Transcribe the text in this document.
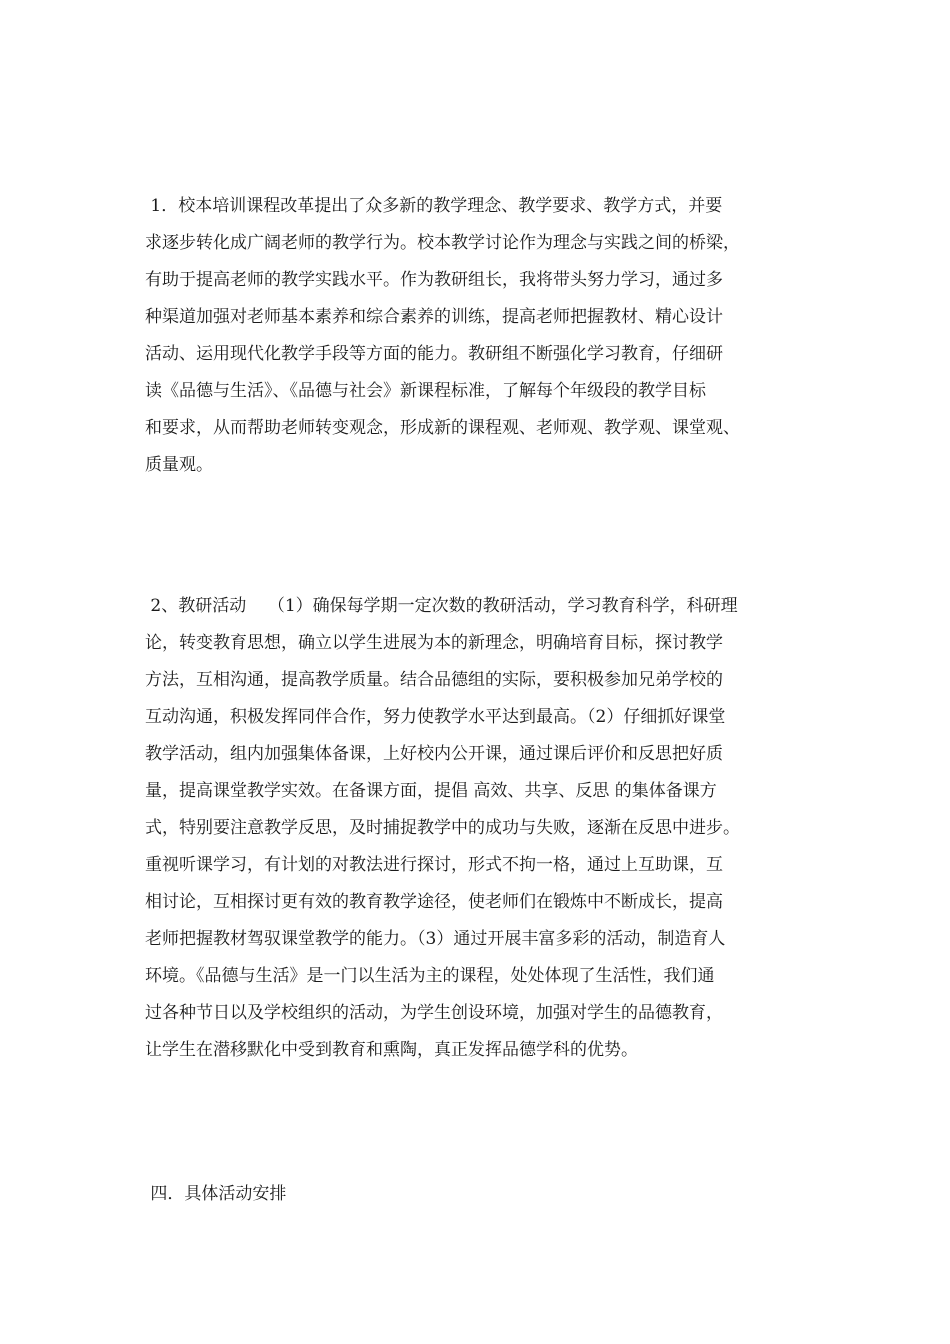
1．校本培训课程改革提出了众多新的教学理念、教学要求、教学方式，并要
求逐步转化成广阔老师的教学行为。校本教学讨论作为理念与实践之间的桥梁，
有助于提高老师的教学实践水平。作为教研组长，我将带头努力学习，通过多
种渠道加强对老师基本素养和综合素养的训练，提高老师把握教材、精心设计
活动、运用现代化教学手段等方面的能力。教研组不断强化学习教育，仔细研
读《品德与生活》、《品德与社会》新课程标准，了解每个年级段的教学目标
和要求，从而帮助老师转变观念，形成新的课程观、老师观、教学观、课堂观、
质量观。
2、教研活动    （1）确保每学期一定次数的教研活动，学习教育科学，科研理
论，转变教育思想，确立以学生进展为本的新理念，明确培育目标，探讨教学
方法，互相沟通，提高教学质量。结合品德组的实际，要积极参加兄弟学校的
互动沟通，积极发挥同伴合作，努力使教学水平达到最高。（2）仔细抓好课堂
教学活动，组内加强集体备课，上好校内公开课，通过课后评价和反思把好质
量，提高课堂教学实效。在备课方面，提倡 高效、共享、反思 的集体备课方
式，特别要注意教学反思，及时捕捉教学中的成功与失败，逐渐在反思中进步。
重视听课学习，有计划的对教法进行探讨，形式不拘一格，通过上互助课，互
相讨论，互相探讨更有效的教育教学途径，使老师们在锻炼中不断成长，提高
老师把握教材驾驭课堂教学的能力。（3）通过开展丰富多彩的活动，制造育人
环境。《品德与生活》是一门以生活为主的课程，处处体现了生活性，我们通
过各种节日以及学校组织的活动，为学生创设环境，加强对学生的品德教育，
让学生在潜移默化中受到教育和熏陶，真正发挥品德学科的优势。
四．具体活动安排
